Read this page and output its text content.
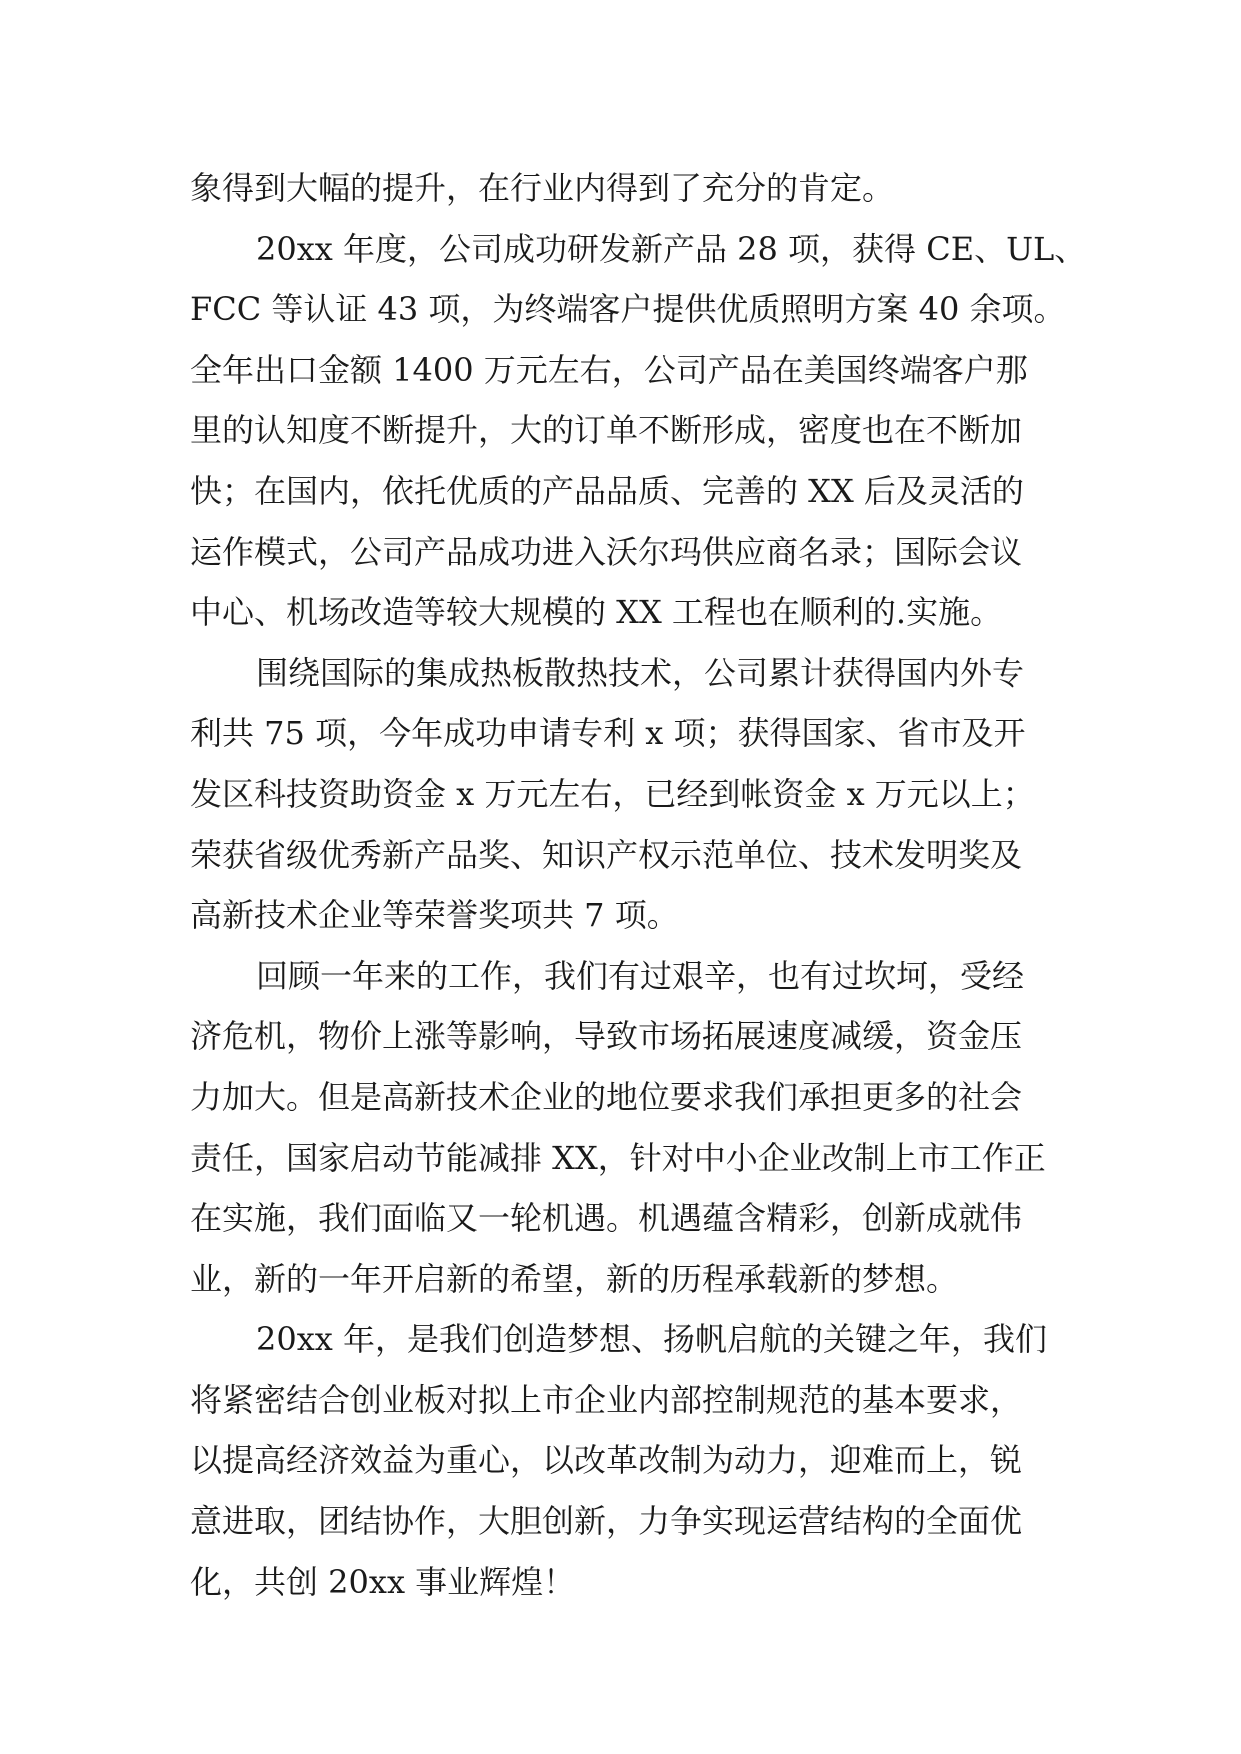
象得到大幅的提升，在行业内得到了充分的肯定。
20xx 年度，公司成功研发新产品 28 项，获得 CE、UL、
FCC 等认证 43 项，为终端客户提供优质照明方案 40 余项。
全年出口金额 1400 万元左右，公司产品在美国终端客户那
里的认知度不断提升，大的订单不断形成，密度也在不断加
快；在国内，依托优质的产品品质、完善的 XX 后及灵活的
运作模式，公司产品成功进入沃尔玛供应商名录；国际会议
中心、机场改造等较大规模的 XX 工程也在顺利的.实施。
围绕国际的集成热板散热技术，公司累计获得国内外专
利共 75 项，今年成功申请专利 x 项；获得国家、省市及开
发区科技资助资金 x 万元左右，已经到帐资金 x 万元以上；
荣获省级优秀新产品奖、知识产权示范单位、技术发明奖及
高新技术企业等荣誉奖项共 7 项。
回顾一年来的工作，我们有过艰辛，也有过坎坷，受经
济危机，物价上涨等影响，导致市场拓展速度减缓，资金压
力加大。但是高新技术企业的地位要求我们承担更多的社会
责任，国家启动节能减排 XX，针对中小企业改制上市工作正
在实施，我们面临又一轮机遇。机遇蕴含精彩，创新成就伟
业，新的一年开启新的希望，新的历程承载新的梦想。
20xx 年，是我们创造梦想、扬帆启航的关键之年，我们
将紧密结合创业板对拟上市企业内部控制规范的基本要求，
以提高经济效益为重心，以改革改制为动力，迎难而上，锐
意进取，团结协作，大胆创新，力争实现运营结构的全面优
化，共创 20xx 事业辉煌！
